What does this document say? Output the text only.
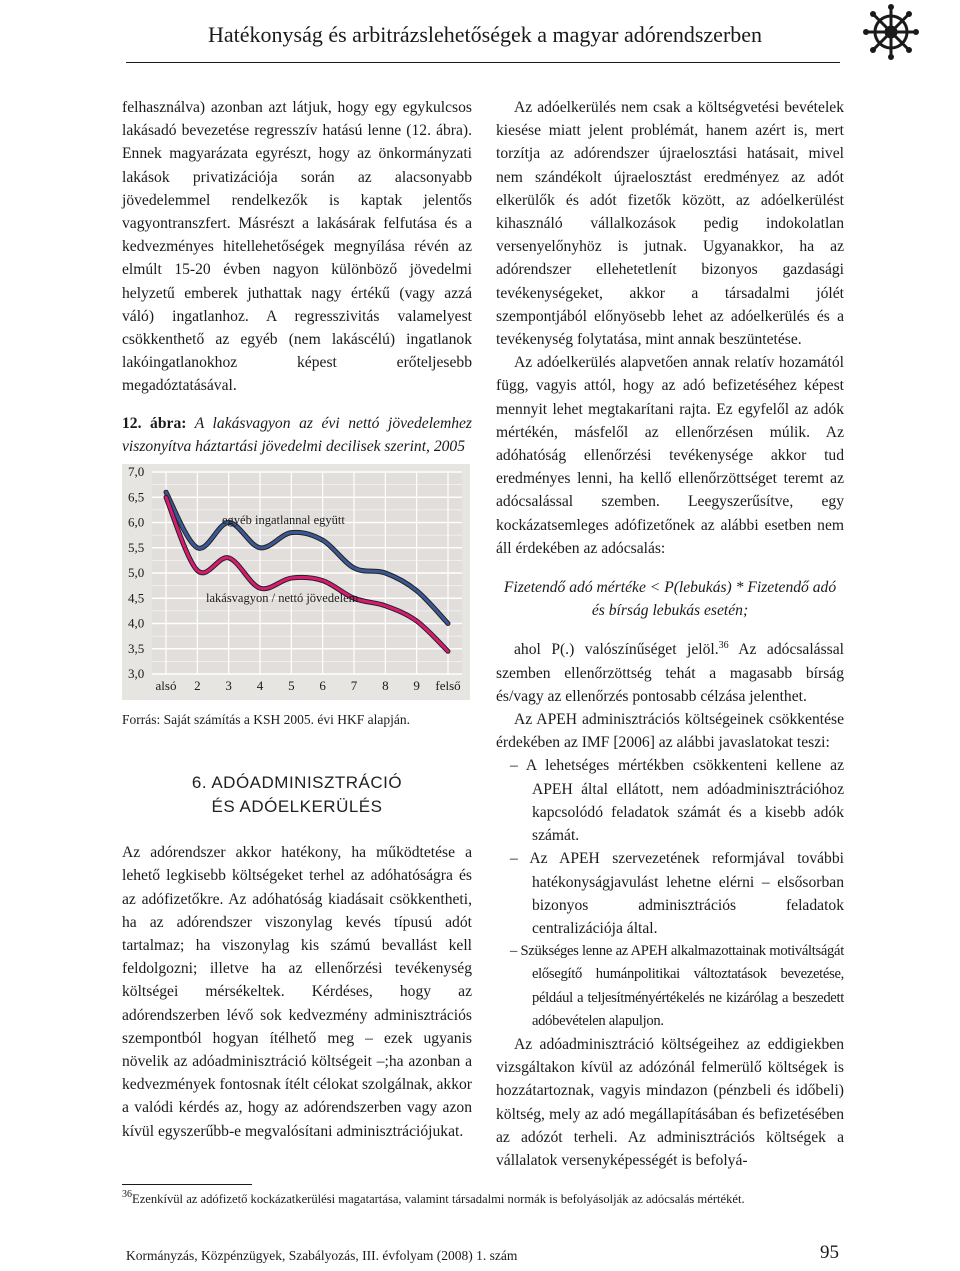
Hatékonyság és arbitrázslehetőségek a magyar adórendszerben

felhasználva) azonban azt látjuk, hogy egy egykulcsos lakásadó bevezetése regresszív hatású lenne (12. ábra). Ennek magyarázata egyrészt, hogy az önkormányzati lakások privatizációja során az alacsonyabb jövedelemmel rendelkezők is kaptak jelentős vagyontranszfert. Másrészt a lakásárak felfutása és a kedvezményes hitellehetőségek megnyílása révén az elmúlt 15-20 évben nagyon különböző jövedelmi helyzetű emberek juthattak nagy értékű (vagy azzá váló) ingatlanhoz. A regresszivitás valamelyest csökkenthető az egyéb (nem lakáscélú) ingatlanok lakóingatlanokhoz képest erőteljesebb megadóztatásával.

12. ábra: A lakásvagyon az évi nettó jövedelemhez viszonyítva háztartási jövedelmi decilisek szerint, 2005

7,0
6,5
6,0
5,5
5,0
4,5
4,0
3,5
3,0
alsó 2 3 4 5 6 7 8 9 felső
egyéb ingatlannal együtt
lakásvagyon / nettó jövedelem

Forrás: Saját számítás a KSH 2005. évi HKF alapján.

6. ADÓADMINISZTRÁCIÓ
ÉS ADÓELKERÜLÉS

Az adórendszer akkor hatékony, ha működtetése a lehető legkisebb költségeket terhel az adóhatóságra és az adófizetőkre. Az adóhatóság kiadásait csökkentheti, ha az adórendszer viszonylag kevés típusú adót tartalmaz; ha viszonylag kis számú bevallást kell feldolgozni; illetve ha az ellenőrzési tevékenység költségei mérsékeltek. Kérdéses, hogy az adórendszerben lévő sok kedvezmény adminisztrációs szempontból hogyan ítélhető meg – ezek ugyanis növelik az adóadminisztráció költségeit –;ha azonban a kedvezmények fontosnak ítélt célokat szolgálnak, akkor a valódi kérdés az, hogy az adórendszerben vagy azon kívül egyszerűbb-e megvalósítani adminisztrációjukat.

Az adóelkerülés nem csak a költségvetési bevételek kiesése miatt jelent problémát, hanem azért is, mert torzítja az adórendszer újraelosztási hatásait, mivel nem szándékolt újraelosztást eredményez az adót elkerülők és adót fizetők között, az adóelkerülést kihasználó vállalkozások pedig indokolatlan versenyelőnyhöz is jutnak. Ugyanakkor, ha az adórendszer ellehetetlenít bizonyos gazdasági tevékenységeket, akkor a társadalmi jólét szempontjából előnyösebb lehet az adóelkerülés és a tevékenység folytatása, mint annak beszüntetése.

Az adóelkerülés alapvetően annak relatív hozamától függ, vagyis attól, hogy az adó befizetéséhez képest mennyit lehet megtakarítani rajta. Ez egyfelől az adók mértékén, másfelől az ellenőrzésen múlik. Az adóhatóság ellenőrzési tevékenysége akkor tud eredményes lenni, ha kellő ellenőrzöttséget teremt az adócsalással szemben. Leegyszerűsítve, egy kockázatsemleges adófizetőnek az alábbi esetben nem áll érdekében az adócsalás:

Fizetendő adó mértéke < P(lebukás) * Fizetendő adó
és bírság lebukás esetén;

ahol P(.) valószínűséget jelöl.$^{36}$ Az adócsalással szemben ellenőrzöttség tehát a magasabb bírság és/vagy az ellenőrzés pontosabb célzása jelenthet.

Az APEH adminisztrációs költségeinek csökkentése érdekében az IMF [2006] az alábbi javaslatokat teszi:

– A lehetséges mértékben csökkenteni kellene az APEH által ellátott, nem adóadminisztrációhoz kapcsolódó feladatok számát és a kisebb adók számát.

– Az APEH szervezetének reformjával további hatékonyságjavulást lehetne elérni – elsősorban bizonyos adminisztrációs feladatok centralizációja által.

– Szükséges lenne az APEH alkalmazottainak motiváltságát elősegítő humánpolitikai változtatások bevezetése, például a teljesítményértékelés ne kizárólag a beszedett adóbevételen alapuljon.

Az adóadminisztráció költségeihez az eddigiekben vizsgáltakon kívül az adózónál felmerülő költségek is hozzátartoznak, vagyis mindazon (pénzbeli és időbeli) költség, mely az adó megállapításában és befizetésében az adózót terheli. Az adminisztrációs költségek a vállalatok versenyképességét is befolyá-

$^{36}$Ezenkívül az adófizető kockázatkerülési magatartása, valamint társadalmi normák is befolyásolják az adócsalás mértékét.
Kormányzás, Közpénzügyek, Szabályozás, III. évfolyam (2008) 1. szám	95
